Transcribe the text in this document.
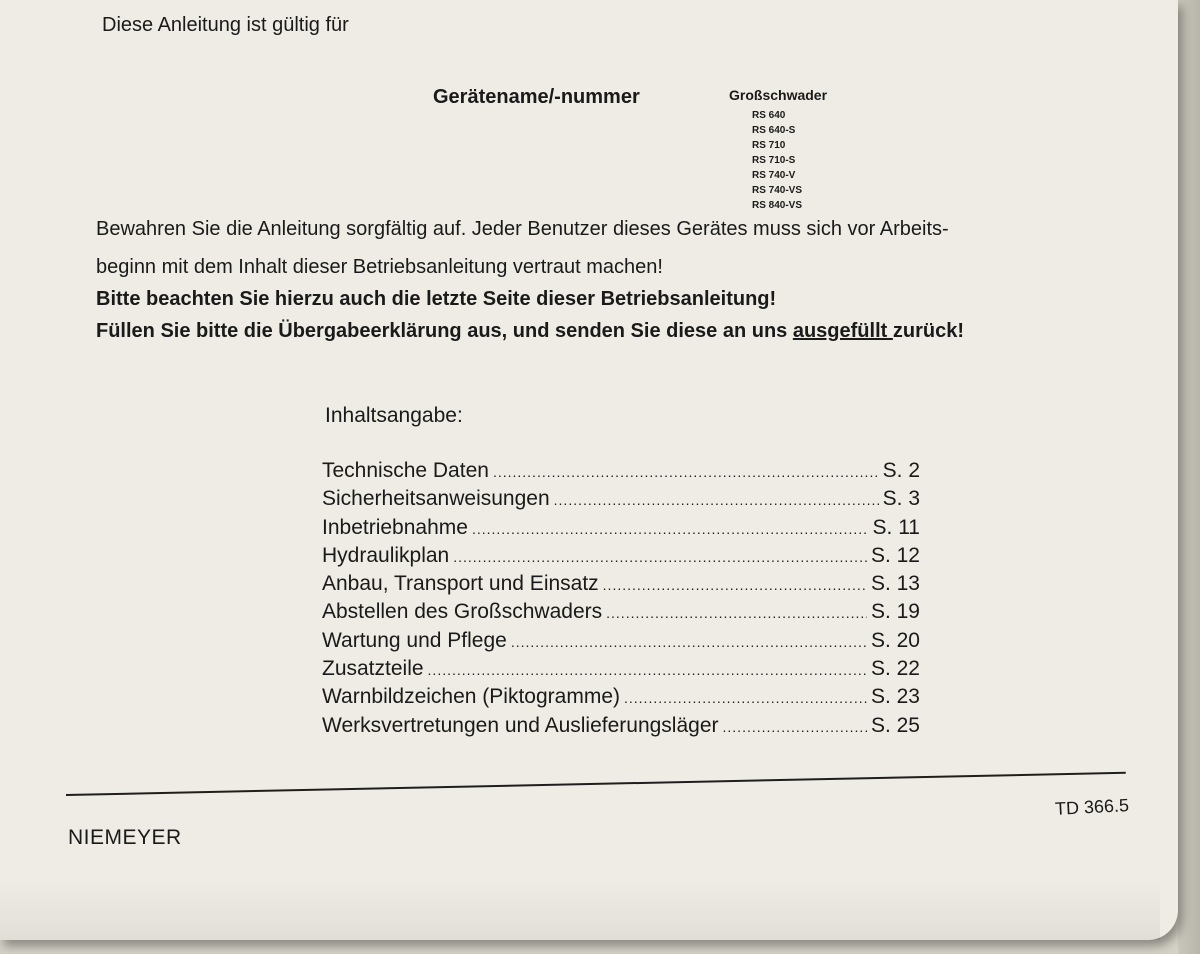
Diese Anleitung ist gültig für
Gerätename/-nummer	Großschwader
RS 640
RS 640-S
RS 710
RS 710-S
RS 740-V
RS 740-VS
RS 840-VS
Bewahren Sie die Anleitung sorgfältig auf. Jeder Benutzer dieses Gerätes muss sich vor Arbeits-
beginn mit dem Inhalt dieser Betriebsanleitung vertraut machen!
Bitte beachten Sie hierzu auch die letzte Seite dieser Betriebsanleitung!
Füllen Sie bitte die Übergabeerklärung aus, und senden Sie diese an uns ausgefüllt zurück!
Inhaltsangabe:
Technische Daten .....	S. 2
Sicherheitsanweisungen .....	S. 3
Inbetriebnahme .....	S. 11
Hydraulikplan .....	S. 12
Anbau, Transport und Einsatz .....	S. 13
Abstellen des Großschwaders .....	S. 19
Wartung und Pflege .....	S. 20
Zusatzteile .....	S. 22
Warnbildzeichen (Piktogramme) .....	S. 23
Werksvertretungen und Auslieferungsläger .....	S. 25
NIEMEYER
TD 366.5
